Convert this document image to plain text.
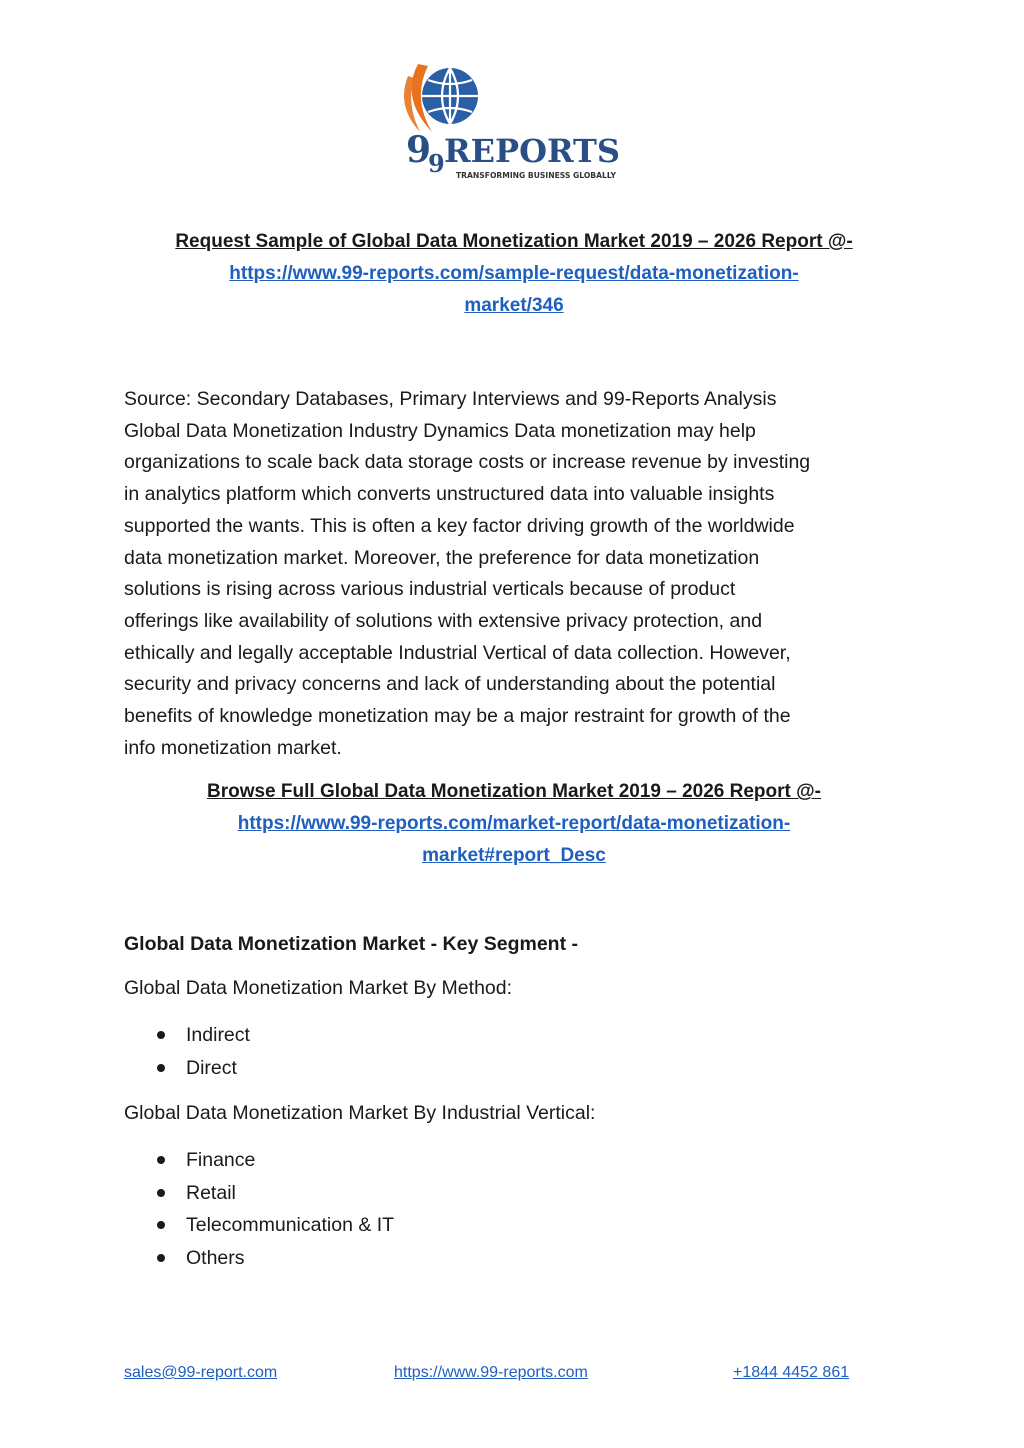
9
9 REPORTS
TRANSFORMING BUSINESS GLOBALLY

Request Sample of Global Data Monetization Market 2019 – 2026 Report @-

https://www.99-reports.com/sample-request/data-monetization-
market/346

Source: Secondary Databases, Primary Interviews and 99-Reports Analysis

Global Data Monetization Industry Dynamics Data monetization may help

organizations to scale back data storage costs or increase revenue by investing

in analytics platform which converts unstructured data into valuable insights

supported the wants. This is often a key factor driving growth of the worldwide

data monetization market. Moreover, the preference for data monetization

solutions is rising across various industrial verticals because of product

offerings like availability of solutions with extensive privacy protection, and

ethically and legally acceptable Industrial Vertical of data collection. However,

security and privacy concerns and lack of understanding about the potential

benefits of knowledge monetization may be a major restraint for growth of the

info monetization market.

Browse Full Global Data Monetization Market 2019 – 2026 Report @-

https://www.99-reports.com/market-report/data-monetization-
market#report_Desc

Global Data Monetization Market - Key Segment -

Global Data Monetization Market By Method:

Indirect
Direct

Global Data Monetization Market By Industrial Vertical:

Finance
Retail
Telecommunication & IT
Others
sales@99-report.com	https://www.99-reports.com	+1844 4452 861
